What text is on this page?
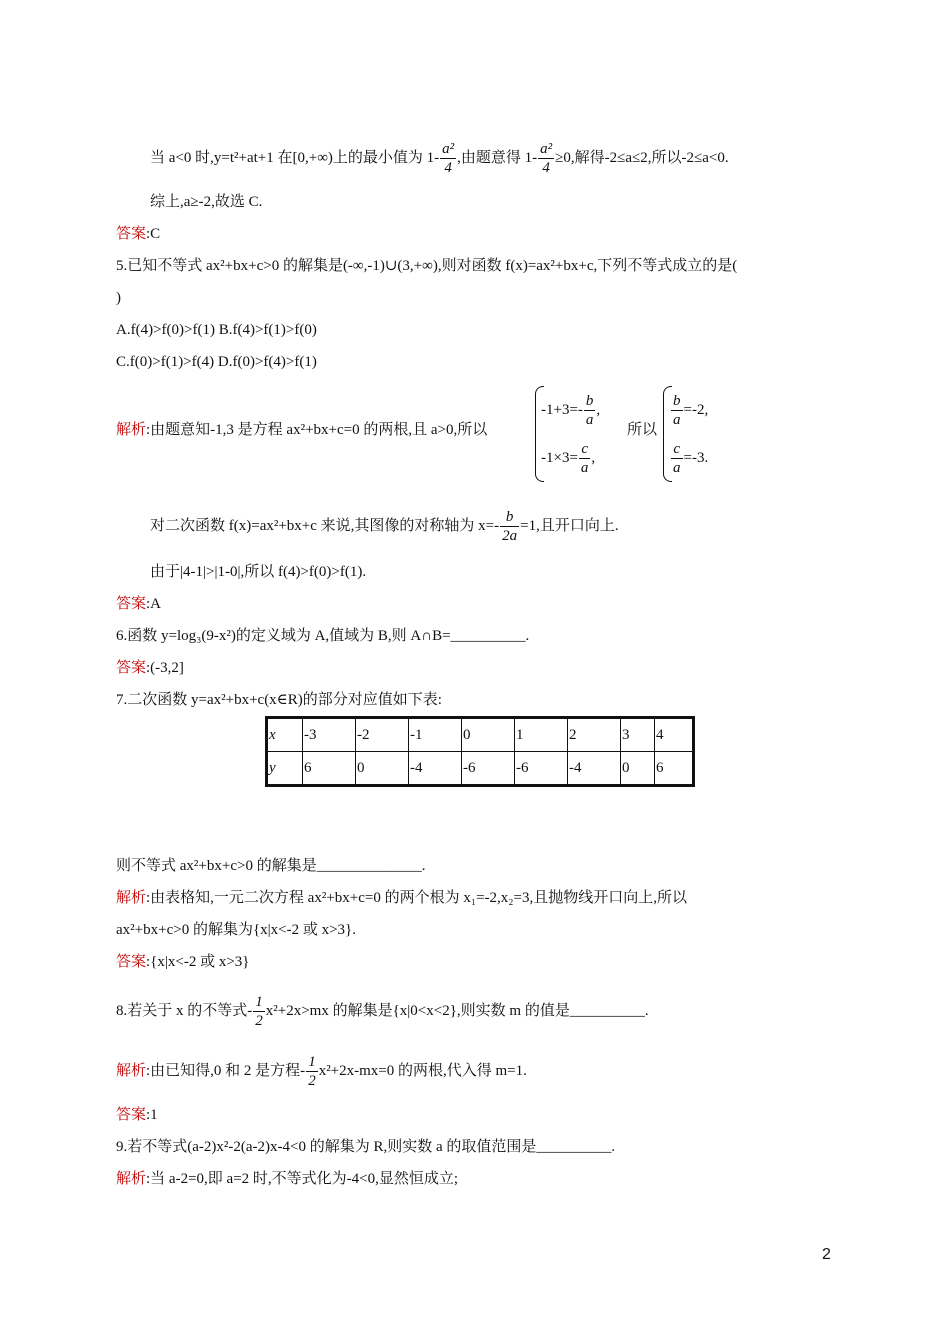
当 a<0 时,y=t²+at+1 在[0,+∞)上的最小值为 $1- \frac{\text{a²}}{4}$ ,由题意得 $1- \frac{\text{a²}}{4} \ge 0$,解得-2≤a≤2,所以-2≤a<0.
综上,a≥-2,故选 C.
答案:C
5.已知不等式 ax²+bx+c>0 的解集是(-∞,-1)∪(3,+∞),则对函数 f(x)=ax²+bx+c,下列不等式成立的是(
)
A.f(4)>f(0)>f(1) B.f(4)>f(1)>f(0)
C.f(0)>f(1)>f(4) D.f(0)>f(4)>f(1)
解析:由题意知-1,3 是方程 ax²+bx+c=0 的两根,且 a>0,所以
$-1+3=- \frac{b}{a}$ ,
$-1\times 3= \frac{c}{a}$ ,
所以
$\frac{b}{a} =-2$,
$\frac{c}{a} =-3$.
对二次函数 f(x)=ax²+bx+c 来说,其图像的对称轴为 $x=- \frac{b}{2a} =1$,且开口向上.
由于|4-1|>|1-0|,所以 f(4)>f(0)>f(1).
答案:A
6.函数 y=log₃(9-x²)的定义域为 A,值域为 B,则 A∩B=__________.
答案:(-3,2]
7.二次函数 y=ax²+bx+c(x∈R)的部分对应值如下表:
x	-3	-2	-1	0	1	2	3	4
y	6	0	-4	-6	-6	-4	0	6
则不等式 ax²+bx+c>0 的解集是______________.
解析:由表格知,一元二次方程 ax²+bx+c=0 的两个根为 x₁=-2,x₂=3,且抛物线开口向上,所以
ax²+bx+c>0 的解集为{x|x<-2 或 x>3}.
答案:{x|x<-2 或 x>3}
8.若关于 x 的不等式- $\frac{1}{2} x^2+2x>mx$ 的解集是{x|0<x<2},则实数 m 的值是__________.
解析:由已知得,0 和 2 是方程- $\frac{1}{2} x^2+2x-mx=0$ 的两根,代入得 m=1.
答案:1
9.若不等式(a-2)x²-2(a-2)x-4<0 的解集为 R,则实数 a 的取值范围是__________.
解析:当 a-2=0,即 a=2 时,不等式化为-4<0,显然恒成立;
2
